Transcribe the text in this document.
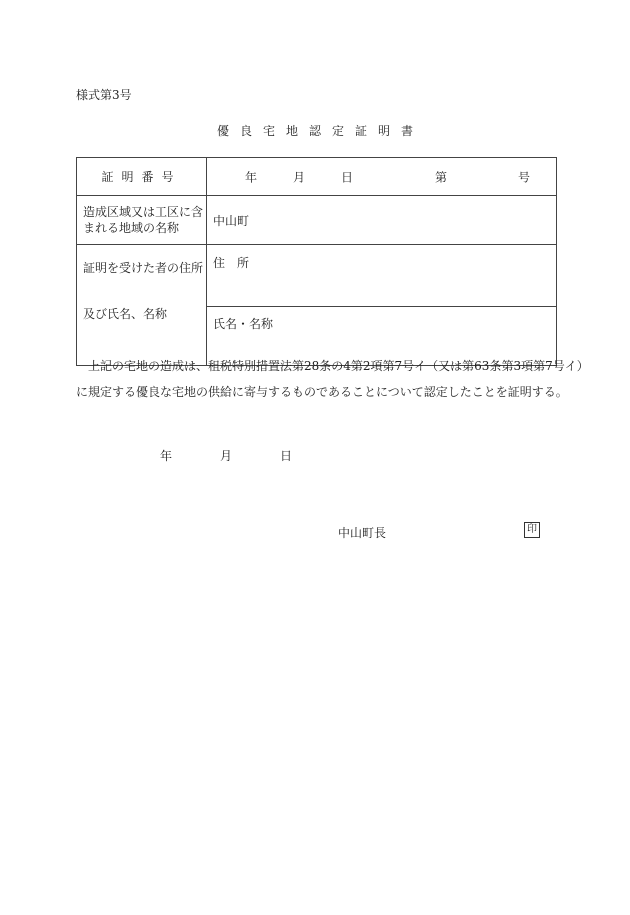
様式第3号
優良宅地認定証明書
証明番号	年 月 日 第 号

造成区域又は工区に含まれる地域の名称	中山町

証明を受けた者の住所
及び氏名、名称	住　所
	氏名・名称
上記の宅地の造成は、租税特別措置法第28条の4第2項第7号イ（又は第63条第3項第7号イ）
に規定する優良な宅地の供給に寄与するものであることについて認定したことを証明する。
年	月	日
中山町長	印
